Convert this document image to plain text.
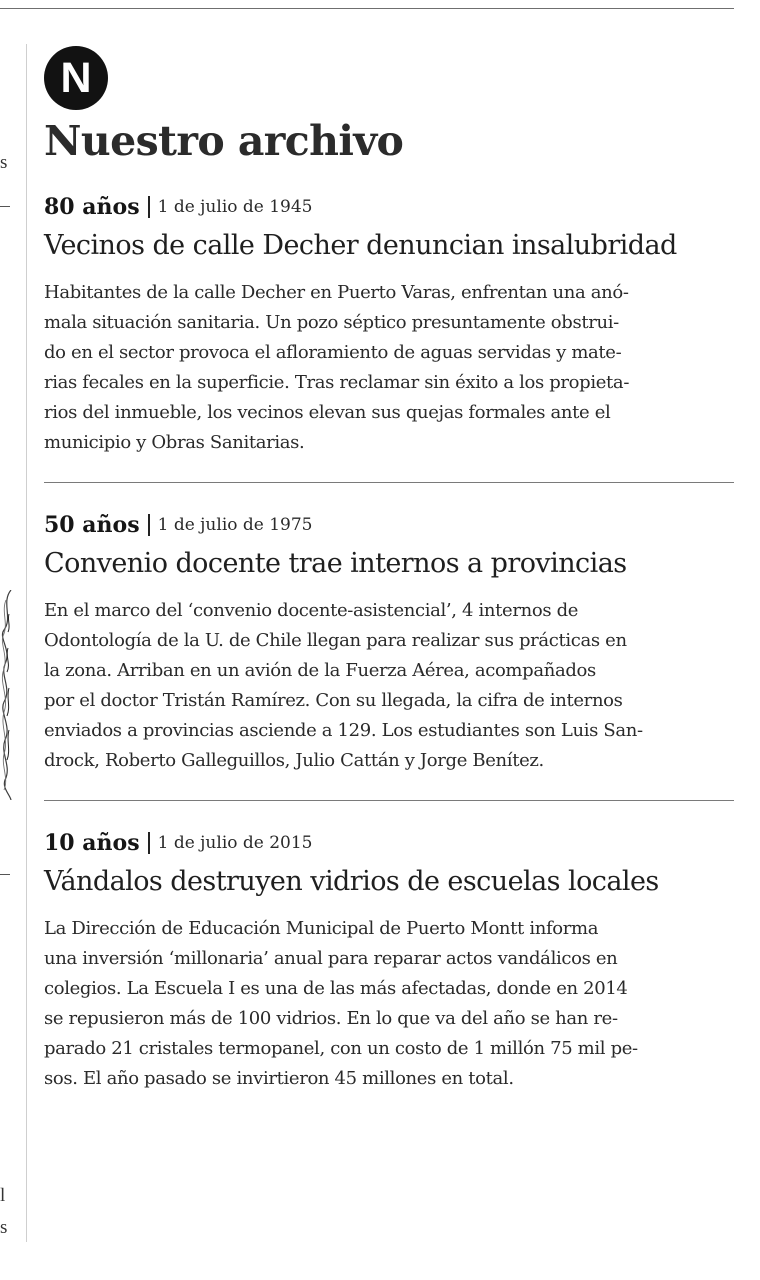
s
l
s
N
Nuestro archivo
80 años 1 de julio de 1945
Vecinos de calle Decher denuncian insalubridad

Habitantes de la calle Decher en Puerto Varas, enfrentan una anó-
mala situación sanitaria. Un pozo séptico presuntamente obstrui-
do en el sector provoca el afloramiento de aguas servidas y mate-
rias fecales en la superficie. Tras reclamar sin éxito a los propieta-
rios del inmueble, los vecinos elevan sus quejas formales ante el
municipio y Obras Sanitarias.

50 años 1 de julio de 1975
Convenio docente trae internos a provincias

En el marco del ‘convenio docente-asistencial’, 4 internos de
Odontología de la U. de Chile llegan para realizar sus prácticas en
la zona. Arriban en un avión de la Fuerza Aérea, acompañados
por el doctor Tristán Ramírez. Con su llegada, la cifra de internos
enviados a provincias asciende a 129. Los estudiantes son Luis San-
drock, Roberto Galleguillos, Julio Cattán y Jorge Benítez.

10 años 1 de julio de 2015
Vándalos destruyen vidrios de escuelas locales

La Dirección de Educación Municipal de Puerto Montt informa
una inversión ‘millonaria’ anual para reparar actos vandálicos en
colegios. La Escuela I es una de las más afectadas, donde en 2014
se repusieron más de 100 vidrios. En lo que va del año se han re-
parado 21 cristales termopanel, con un costo de 1 millón 75 mil pe-
sos. El año pasado se invirtieron 45 millones en total.
